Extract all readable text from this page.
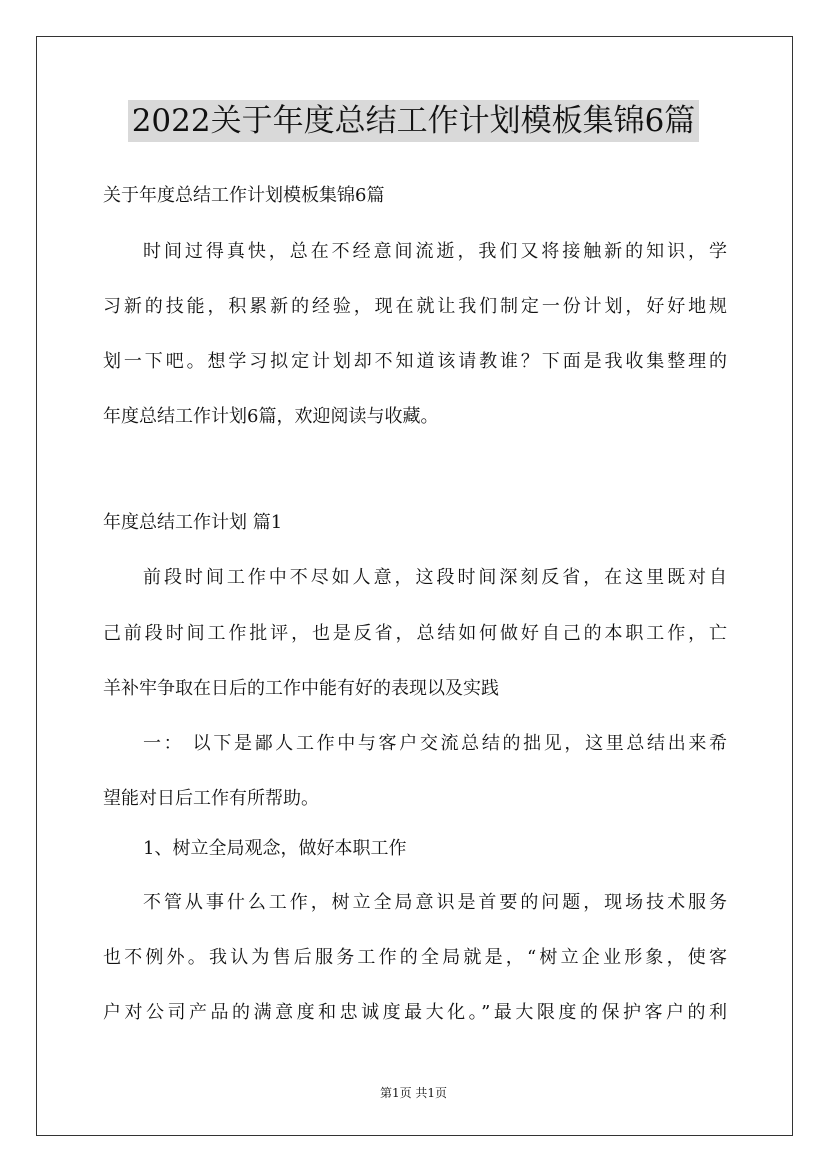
2022关于年度总结工作计划模板集锦6篇
关于年度总结工作计划模板集锦6篇
时间过得真快，总在不经意间流逝，我们又将接触新的知识，学
习新的技能，积累新的经验，现在就让我们制定一份计划，好好地规
划一下吧。想学习拟定计划却不知道该请教谁？下面是我收集整理的
年度总结工作计划6篇，欢迎阅读与收藏。
年度总结工作计划 篇1
前段时间工作中不尽如人意，这段时间深刻反省，在这里既对自
己前段时间工作批评，也是反省，总结如何做好自己的本职工作，亡
羊补牢争取在日后的工作中能有好的表现以及实践
一： 以下是鄙人工作中与客户交流总结的拙见，这里总结出来希
望能对日后工作有所帮助。
1、树立全局观念，做好本职工作
不管从事什么工作，树立全局意识是首要的问题，现场技术服务
也不例外。我认为售后服务工作的全局就是，“树立企业形象，使客
户对公司产品的满意度和忠诚度最大化。”最大限度的保护客户的利
第1页 共1页
